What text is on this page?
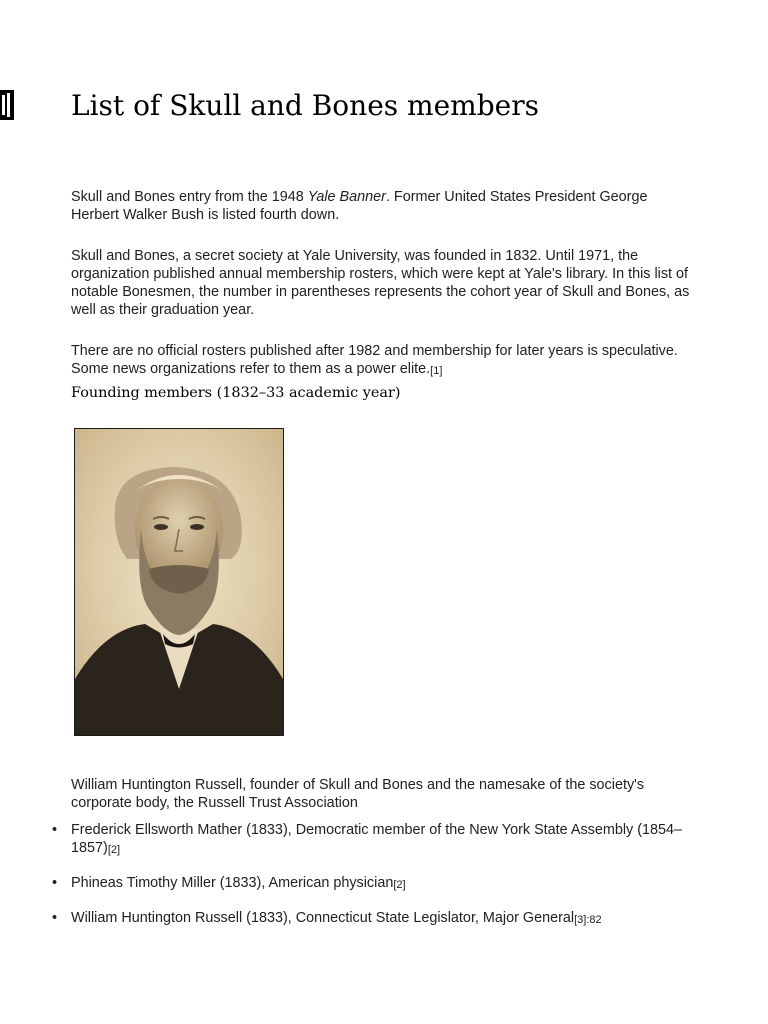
List of Skull and Bones members

Skull and Bones entry from the 1948 Yale Banner. Former United States President George Herbert Walker Bush is listed fourth down.

Skull and Bones, a secret society at Yale University, was founded in 1832. Until 1971, the organization published annual membership rosters, which were kept at Yale's library. In this list of notable Bonesmen, the number in parentheses represents the cohort year of Skull and Bones, as well as their graduation year.

There are no official rosters published after 1982 and membership for later years is speculative. Some news organizations refer to them as a power elite.[1]

Founding members (1832–33 academic year)

William Huntington Russell, founder of Skull and Bones and the namesake of the society's corporate body, the Russell Trust Association

• Frederick Ellsworth Mather (1833), Democratic member of the New York State Assembly (1854–1857)[2]
• Phineas Timothy Miller (1833), American physician[2]
• William Huntington Russell (1833), Connecticut State Legislator, Major General[3]:82
